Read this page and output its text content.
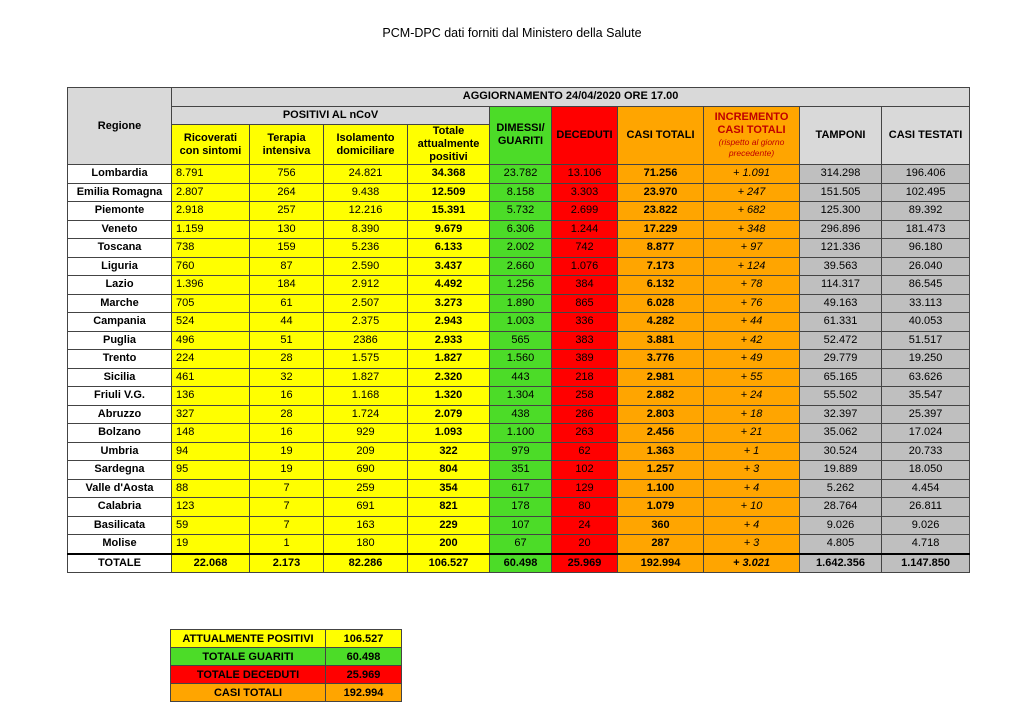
PCM-DPC dati forniti dal Ministero della Salute
Regione	AGGIORNAMENTO 24/04/2020 ORE 17.00									
	POSITIVI AL nCoV				DIMESSI/ GUARITI	DECEDUTI	CASI TOTALI	INCREMENTO CASI TOTALI
(rispetto al giorno precedente)	TAMPONI	CASI TESTATI
	Ricoverati con sintomi	Terapia intensiva	Isolamento domiciliare	Totale attualmente positivi						
Lombardia	8.791	756	24.821	34.368	23.782	13.106	71.256	+ 1.091	314.298	196.406
Emilia Romagna	2.807	264	9.438	12.509	8.158	3.303	23.970	+ 247	151.505	102.495
Piemonte	2.918	257	12.216	15.391	5.732	2.699	23.822	+ 682	125.300	89.392
Veneto	1.159	130	8.390	9.679	6.306	1.244	17.229	+ 348	296.896	181.473
Toscana	738	159	5.236	6.133	2.002	742	8.877	+ 97	121.336	96.180
Liguria	760	87	2.590	3.437	2.660	1.076	7.173	+ 124	39.563	26.040
Lazio	1.396	184	2.912	4.492	1.256	384	6.132	+ 78	114.317	86.545
Marche	705	61	2.507	3.273	1.890	865	6.028	+ 76	49.163	33.113
Campania	524	44	2.375	2.943	1.003	336	4.282	+ 44	61.331	40.053
Puglia	496	51	2386	2.933	565	383	3.881	+ 42	52.472	51.517
Trento	224	28	1.575	1.827	1.560	389	3.776	+ 49	29.779	19.250
Sicilia	461	32	1.827	2.320	443	218	2.981	+ 55	65.165	63.626
Friuli V.G.	136	16	1.168	1.320	1.304	258	2.882	+ 24	55.502	35.547
Abruzzo	327	28	1.724	2.079	438	286	2.803	+ 18	32.397	25.397
Bolzano	148	16	929	1.093	1.100	263	2.456	+ 21	35.062	17.024
Umbria	94	19	209	322	979	62	1.363	+ 1	30.524	20.733
Sardegna	95	19	690	804	351	102	1.257	+ 3	19.889	18.050
Valle d'Aosta	88	7	259	354	617	129	1.100	+ 4	5.262	4.454
Calabria	123	7	691	821	178	80	1.079	+ 10	28.764	26.811
Basilicata	59	7	163	229	107	24	360	+ 4	9.026	9.026
Molise	19	1	180	200	67	20	287	+ 3	4.805	4.718
TOTALE	22.068	2.173	82.286	106.527	60.498	25.969	192.994	+ 3.021	1.642.356	1.147.850
ATTUALMENTE POSITIVI	106.527
TOTALE GUARITI	60.498
TOTALE DECEDUTI	25.969
CASI TOTALI	192.994
